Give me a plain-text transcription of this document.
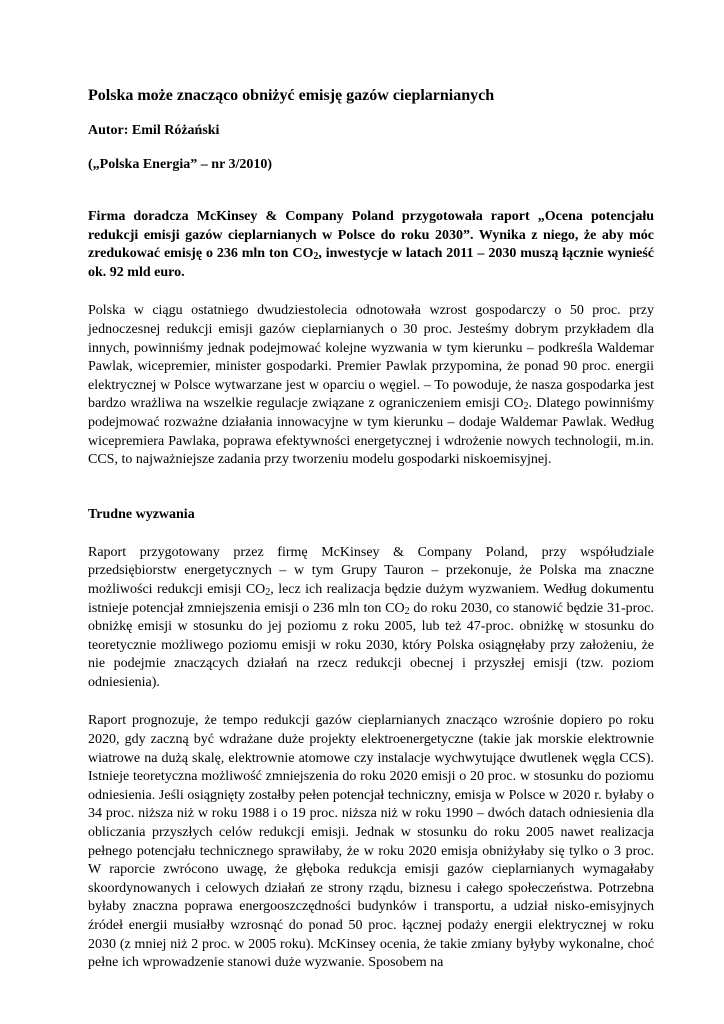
Polska może znacząco obniżyć emisję gazów cieplarnianych

Autor: Emil Różański

(„Polska Energia” – nr 3/2010)

Firma doradcza McKinsey & Company Poland przygotowała raport „Ocena potencjału redukcji emisji gazów cieplarnianych w Polsce do roku 2030”. Wynika z niego, że aby móc zredukować emisję o 236 mln ton $CO_2$, inwestycje w latach 2011 – 2030 muszą łącznie wynieść ok. 92 mld euro.

Polska w ciągu ostatniego dwudziestolecia odnotowała wzrost gospodarczy o 50 proc. przy jednoczesnej redukcji emisji gazów cieplarnianych o 30 proc. Jesteśmy dobrym przykładem dla innych, powinniśmy jednak podejmować kolejne wyzwania w tym kierunku – podkreśla Waldemar Pawlak, wicepremier, minister gospodarki. Premier Pawlak przypomina, że ponad 90 proc. energii elektrycznej w Polsce wytwarzane jest w oparciu o węgiel. – To powoduje, że nasza gospodarka jest bardzo wrażliwa na wszelkie regulacje związane z ograniczeniem emisji $CO_2$. Dlatego powinniśmy podejmować rozważne działania innowacyjne w tym kierunku – dodaje Waldemar Pawlak. Według wicepremiera Pawlaka, poprawa efektywności energetycznej i wdrożenie nowych technologii, m.in. CCS, to najważniejsze zadania przy tworzeniu modelu gospodarki niskoemisyjnej.

Trudne wyzwania

Raport przygotowany przez firmę McKinsey & Company Poland, przy współudziale przedsiębiorstw energetycznych – w tym Grupy Tauron – przekonuje, że Polska ma znaczne możliwości redukcji emisji $CO_2$, lecz ich realizacja będzie dużym wyzwaniem. Według dokumentu istnieje potencjał zmniejszenia emisji o 236 mln ton $CO_2$ do roku 2030, co stanowić będzie 31-proc. obniżkę emisji w stosunku do jej poziomu z roku 2005, lub też 47-proc. obniżkę w stosunku do teoretycznie możliwego poziomu emisji w roku 2030, który Polska osiągnęłaby przy założeniu, że nie podejmie znaczących działań na rzecz redukcji obecnej i przyszłej emisji (tzw. poziom odniesienia).

Raport prognozuje, że tempo redukcji gazów cieplarnianych znacząco wzrośnie dopiero po roku 2020, gdy zaczną być wdrażane duże projekty elektroenergetyczne (takie jak morskie elektrownie wiatrowe na dużą skalę, elektrownie atomowe czy instalacje wychwytujące dwutlenek węgla CCS). Istnieje teoretyczna możliwość zmniejszenia do roku 2020 emisji o 20 proc. w stosunku do poziomu odniesienia. Jeśli osiągnięty zostałby pełen potencjał techniczny, emisja w Polsce w 2020 r. byłaby o 34 proc. niższa niż w roku 1988 i o 19 proc. niższa niż w roku 1990 – dwóch datach odniesienia dla obliczania przyszłych celów redukcji emisji. Jednak w stosunku do roku 2005 nawet realizacja pełnego potencjału technicznego sprawiłaby, że w roku 2020 emisja obniżyłaby się tylko o 3 proc. W raporcie zwrócono uwagę, że głęboka redukcja emisji gazów cieplarnianych wymagałaby skoordynowanych i celowych działań ze strony rządu, biznesu i całego społeczeństwa. Potrzebna byłaby znaczna poprawa energooszczędności budynków i transportu, a udział nisko-emisyjnych źródeł energii musiałby wzrosnąć do ponad 50 proc. łącznej podaży energii elektrycznej w roku 2030 (z mniej niż 2 proc. w 2005 roku). McKinsey ocenia, że takie zmiany byłyby wykonalne, choć pełne ich wprowadzenie stanowi duże wyzwanie. Sposobem na
